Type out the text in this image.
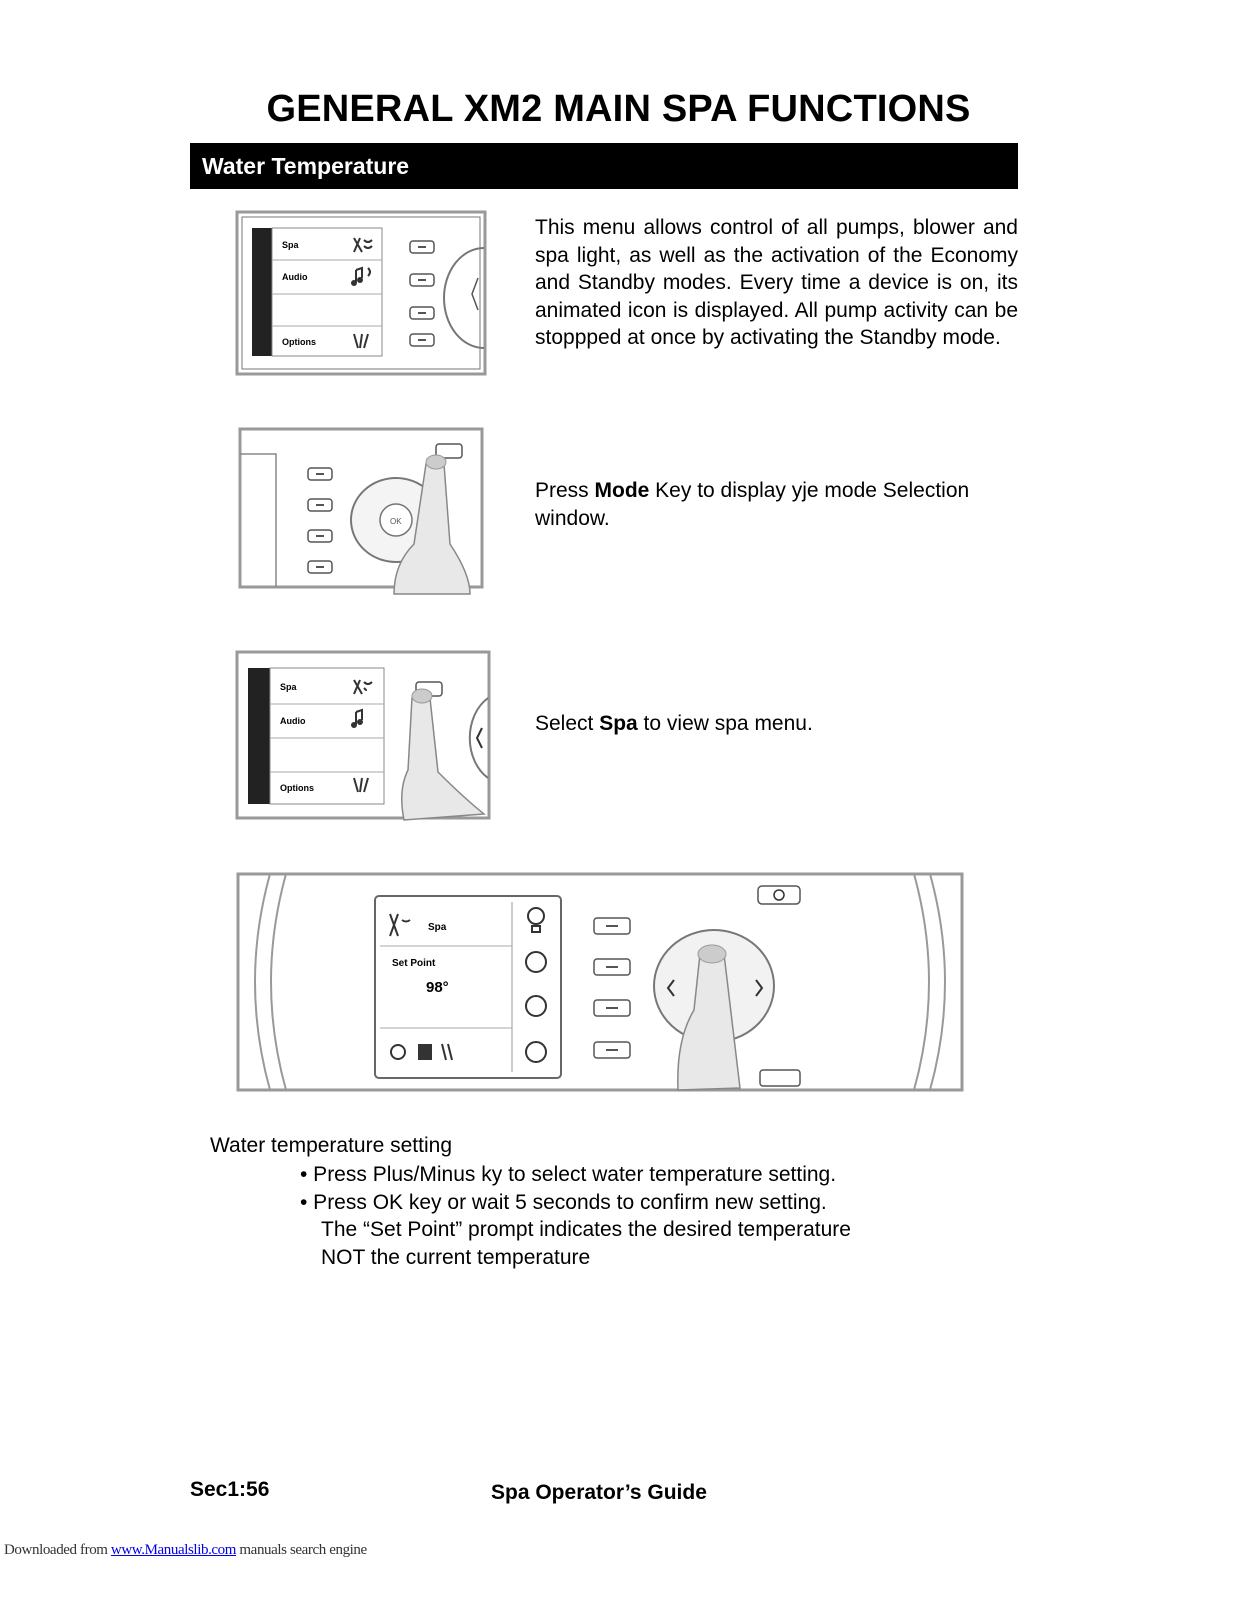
GENERAL XM2 MAIN SPA FUNCTIONS
Water Temperature
Spa
Audio
Options
This menu allows control of all pumps, blower and spa light, as well as the activation of the Economy and Standby modes. Every time a device is on, its animated icon is displayed. All pump activity can be stoppped at once by activating the Standby mode.
OK
Press Mode Key to display yje mode Selection window.
Spa
Audio
Options
Select Spa to view spa menu.
Spa
Set Point
98°
Water temperature setting
• Press Plus/Minus ky to select water temperature setting.
• Press OK key or wait 5 seconds to confirm new setting.
The “Set Point” prompt indicates the desired temperature
NOT the current temperature
Sec1:56	Spa Operator’s Guide
Downloaded from www.Manualslib.com manuals search engine
